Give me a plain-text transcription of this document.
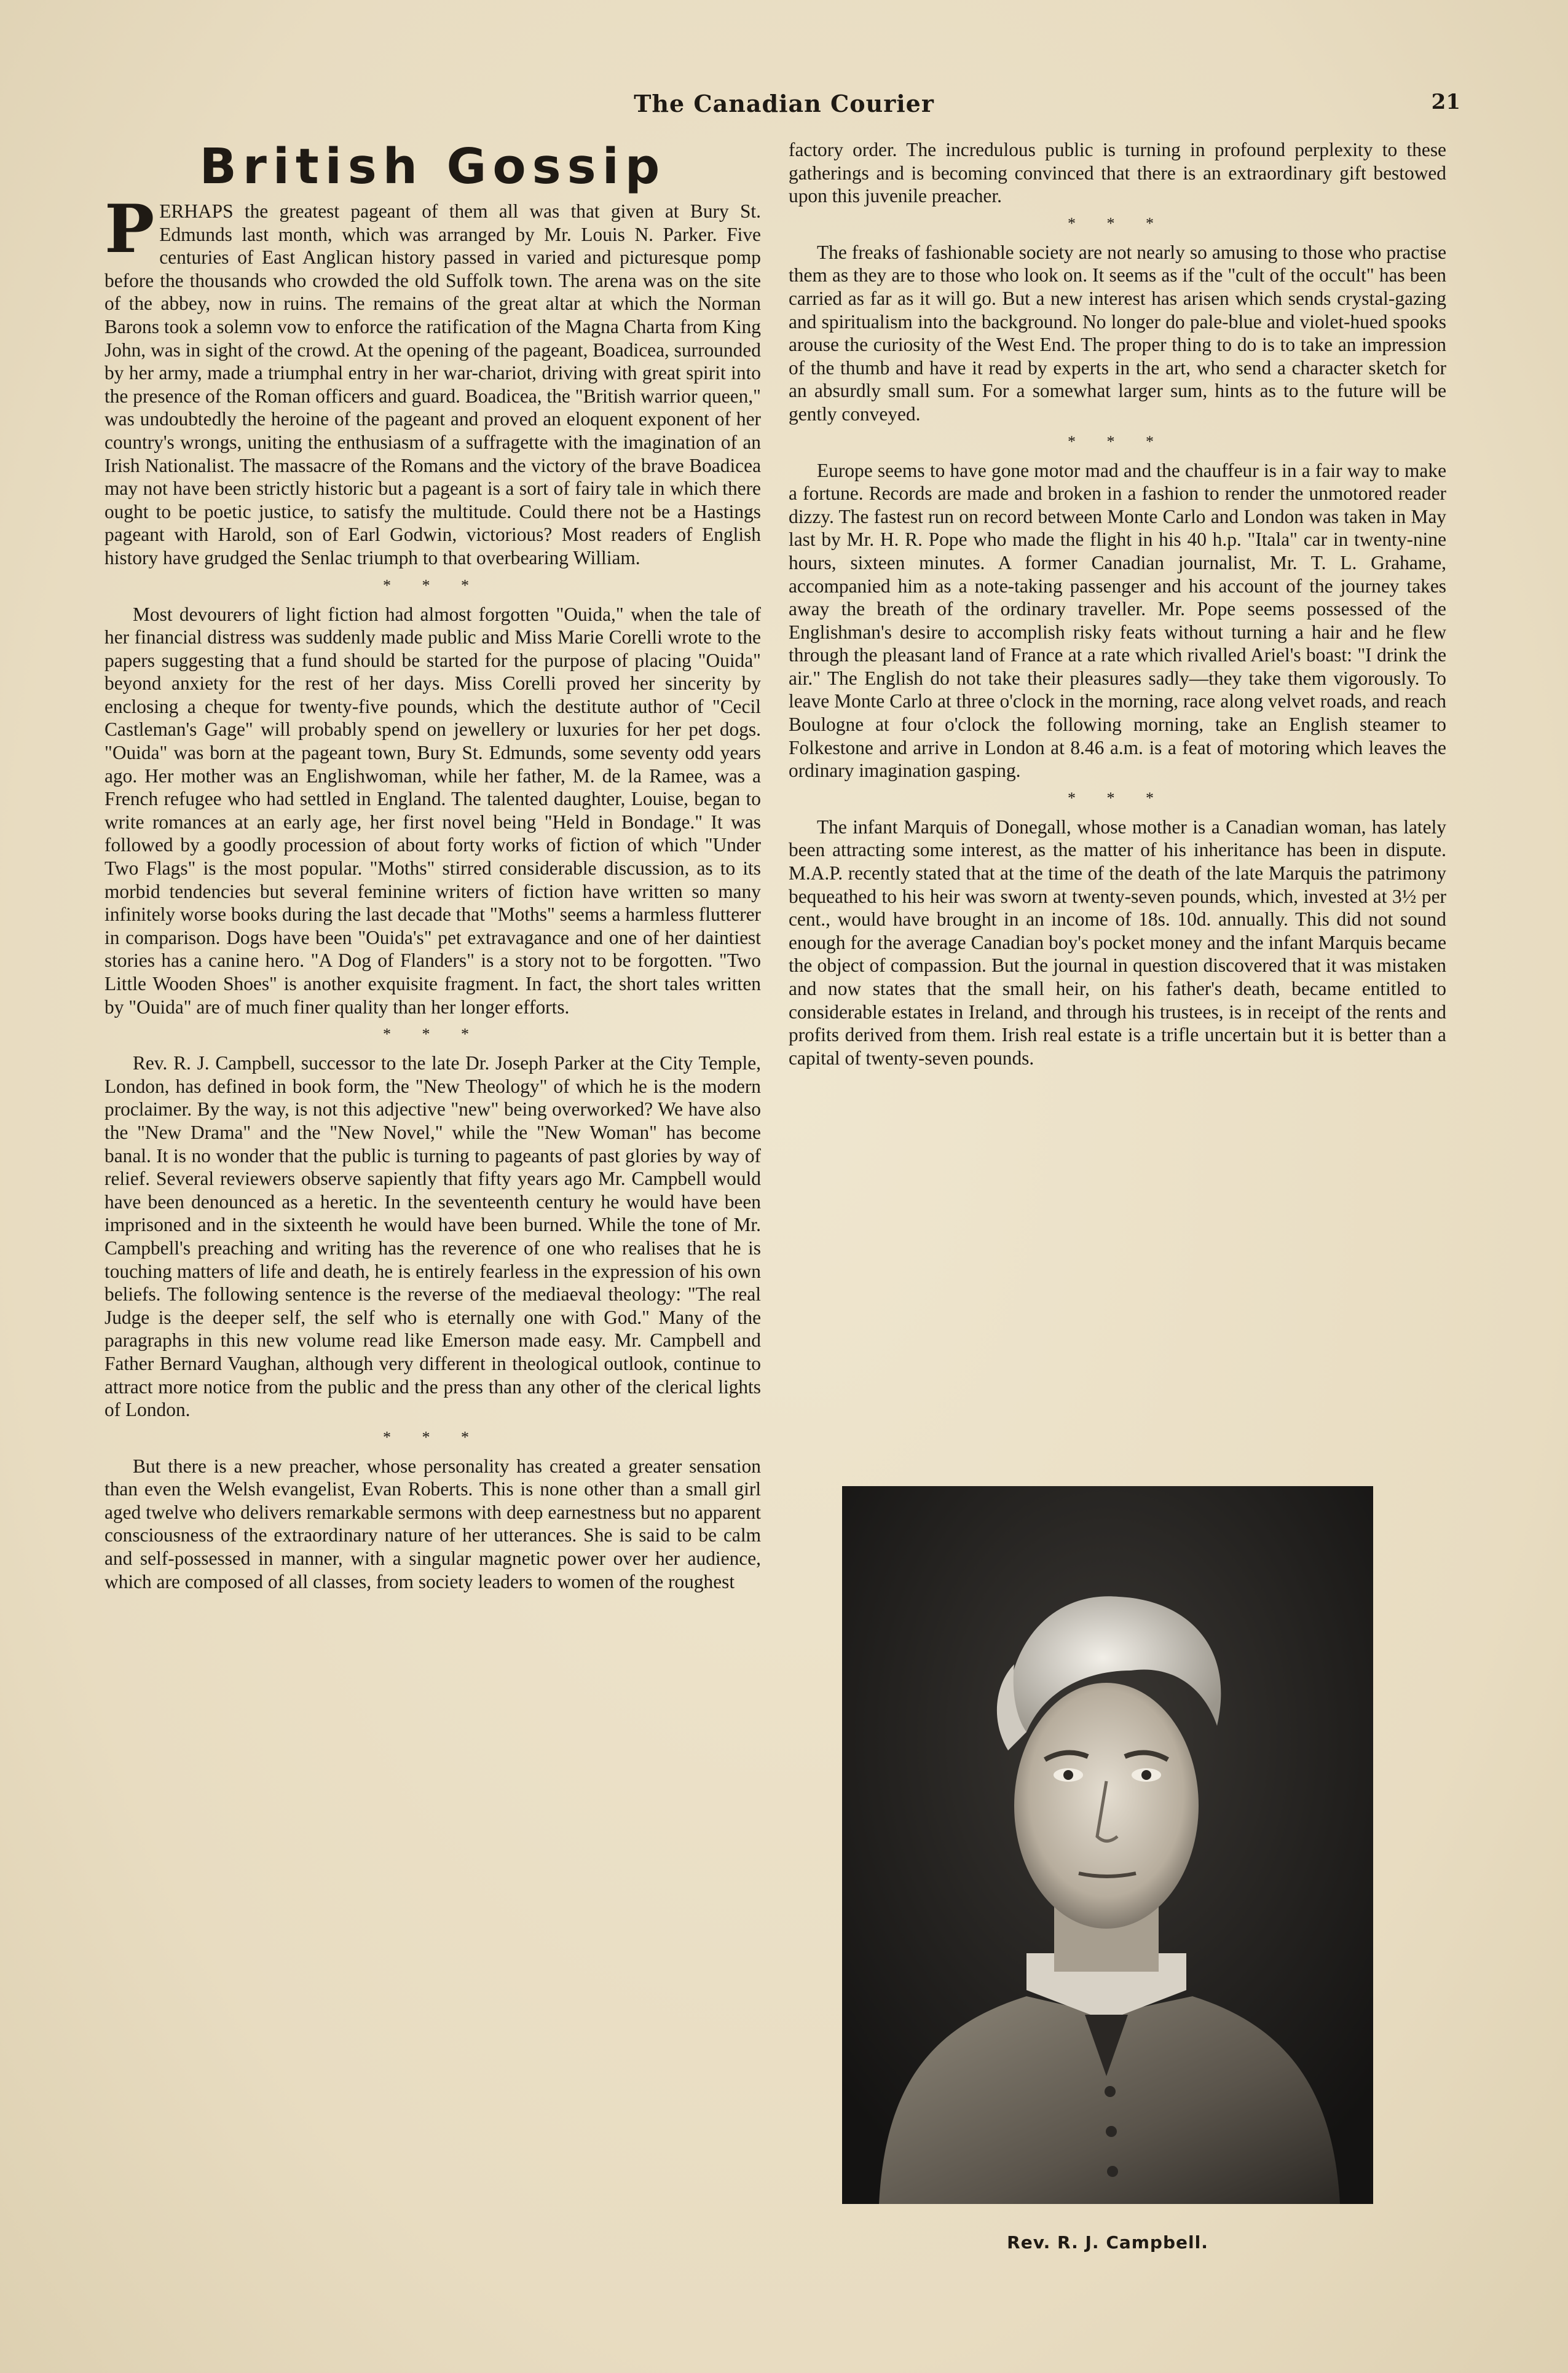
The Canadian Courier	21
British Gossip

PERHAPS the greatest pageant of them all was that given at Bury St. Edmunds last month, which was arranged by Mr. Louis N. Parker. Five centuries of East Anglican history passed in varied and picturesque pomp before the thousands who crowded the old Suffolk town. The arena was on the site of the abbey, now in ruins. The remains of the great altar at which the Norman Barons took a solemn vow to enforce the ratification of the Magna Charta from King John, was in sight of the crowd. At the opening of the pageant, Boadicea, surrounded by her army, made a triumphal entry in her war-chariot, driving with great spirit into the presence of the Roman officers and guard. Boadicea, the "British warrior queen," was undoubtedly the heroine of the pageant and proved an eloquent exponent of her country's wrongs, uniting the enthusiasm of a suffragette with the imagination of an Irish Nationalist. The massacre of the Romans and the victory of the brave Boadicea may not have been strictly historic but a pageant is a sort of fairy tale in which there ought to be poetic justice, to satisfy the multitude. Could there not be a Hastings pageant with Harold, son of Earl Godwin, victorious? Most readers of English history have grudged the Senlac triumph to that overbearing William.

* * *

Most devourers of light fiction had almost forgotten "Ouida," when the tale of her financial distress was suddenly made public and Miss Marie Corelli wrote to the papers suggesting that a fund should be started for the purpose of placing "Ouida" beyond anxiety for the rest of her days. Miss Corelli proved her sincerity by enclosing a cheque for twenty-five pounds, which the destitute author of "Cecil Castleman's Gage" will probably spend on jewellery or luxuries for her pet dogs. "Ouida" was born at the pageant town, Bury St. Edmunds, some seventy odd years ago. Her mother was an Englishwoman, while her father, M. de la Ramee, was a French refugee who had settled in England. The talented daughter, Louise, began to write romances at an early age, her first novel being "Held in Bondage." It was followed by a goodly procession of about forty works of fiction of which "Under Two Flags" is the most popular. "Moths" stirred considerable discussion, as to its morbid tendencies but several feminine writers of fiction have written so many infinitely worse books during the last decade that "Moths" seems a harmless flutterer in comparison. Dogs have been "Ouida's" pet extravagance and one of her daintiest stories has a canine hero. "A Dog of Flanders" is a story not to be forgotten. "Two Little Wooden Shoes" is another exquisite fragment. In fact, the short tales written by "Ouida" are of much finer quality than her longer efforts.

* * *

Rev. R. J. Campbell, successor to the late Dr. Joseph Parker at the City Temple, London, has defined in book form, the "New Theology" of which he is the modern proclaimer. By the way, is not this adjective "new" being overworked? We have also the "New Drama" and the "New Novel," while the "New Woman" has become banal. It is no wonder that the public is turning to pageants of past glories by way of relief. Several reviewers observe sapiently that fifty years ago Mr. Campbell would have been denounced as a heretic. In the seventeenth century he would have been imprisoned and in the sixteenth he would have been burned. While the tone of Mr. Campbell's preaching and writing has the reverence of one who realises that he is touching matters of life and death, he is entirely fearless in the expression of his own beliefs. The following sentence is the reverse of the mediaeval theology: "The real Judge is the deeper self, the self who is eternally one with God." Many of the paragraphs in this new volume read like Emerson made easy. Mr. Campbell and Father Bernard Vaughan, although very different in theological outlook, continue to attract more notice from the public and the press than any other of the clerical lights of London.

* * *

But there is a new preacher, whose personality has created a greater sensation than even the Welsh evangelist, Evan Roberts. This is none other than a small girl aged twelve who delivers remarkable sermons with deep earnestness but no apparent consciousness of the extraordinary nature of her utterances. She is said to be calm and self-possessed in manner, with a singular magnetic power over her audience, which are composed of all classes, from society leaders to women of the roughest

factory order. The incredulous public is turning in profound perplexity to these gatherings and is becoming convinced that there is an extraordinary gift bestowed upon this juvenile preacher.

* * *

The freaks of fashionable society are not nearly so amusing to those who practise them as they are to those who look on. It seems as if the "cult of the occult" has been carried as far as it will go. But a new interest has arisen which sends crystal-gazing and spiritualism into the background. No longer do pale-blue and violet-hued spooks arouse the curiosity of the West End. The proper thing to do is to take an impression of the thumb and have it read by experts in the art, who send a character sketch for an absurdly small sum. For a somewhat larger sum, hints as to the future will be gently conveyed.

* * *

Europe seems to have gone motor mad and the chauffeur is in a fair way to make a fortune. Records are made and broken in a fashion to render the unmotored reader dizzy. The fastest run on record between Monte Carlo and London was taken in May last by Mr. H. R. Pope who made the flight in his 40 h.p. "Itala" car in twenty-nine hours, sixteen minutes. A former Canadian journalist, Mr. T. L. Grahame, accompanied him as a note-taking passenger and his account of the journey takes away the breath of the ordinary traveller. Mr. Pope seems possessed of the Englishman's desire to accomplish risky feats without turning a hair and he flew through the pleasant land of France at a rate which rivalled Ariel's boast: "I drink the air." The English do not take their pleasures sadly—they take them vigorously. To leave Monte Carlo at three o'clock in the morning, race along velvet roads, and reach Boulogne at four o'clock the following morning, take an English steamer to Folkestone and arrive in London at 8.46 a.m. is a feat of motoring which leaves the ordinary imagination gasping.

* * *

The infant Marquis of Donegall, whose mother is a Canadian woman, has lately been attracting some interest, as the matter of his inheritance has been in dispute. M.A.P. recently stated that at the time of the death of the late Marquis the patrimony bequeathed to his heir was sworn at twenty-seven pounds, which, invested at 3½ per cent., would have brought in an income of 18s. 10d. annually. This did not sound enough for the average Canadian boy's pocket money and the infant Marquis became the object of compassion. But the journal in question discovered that it was mistaken and now states that the small heir, on his father's death, became entitled to considerable estates in Ireland, and through his trustees, is in receipt of the rents and profits derived from them. Irish real estate is a trifle uncertain but it is better than a capital of twenty-seven pounds.

Rev. R. J. Campbell.
